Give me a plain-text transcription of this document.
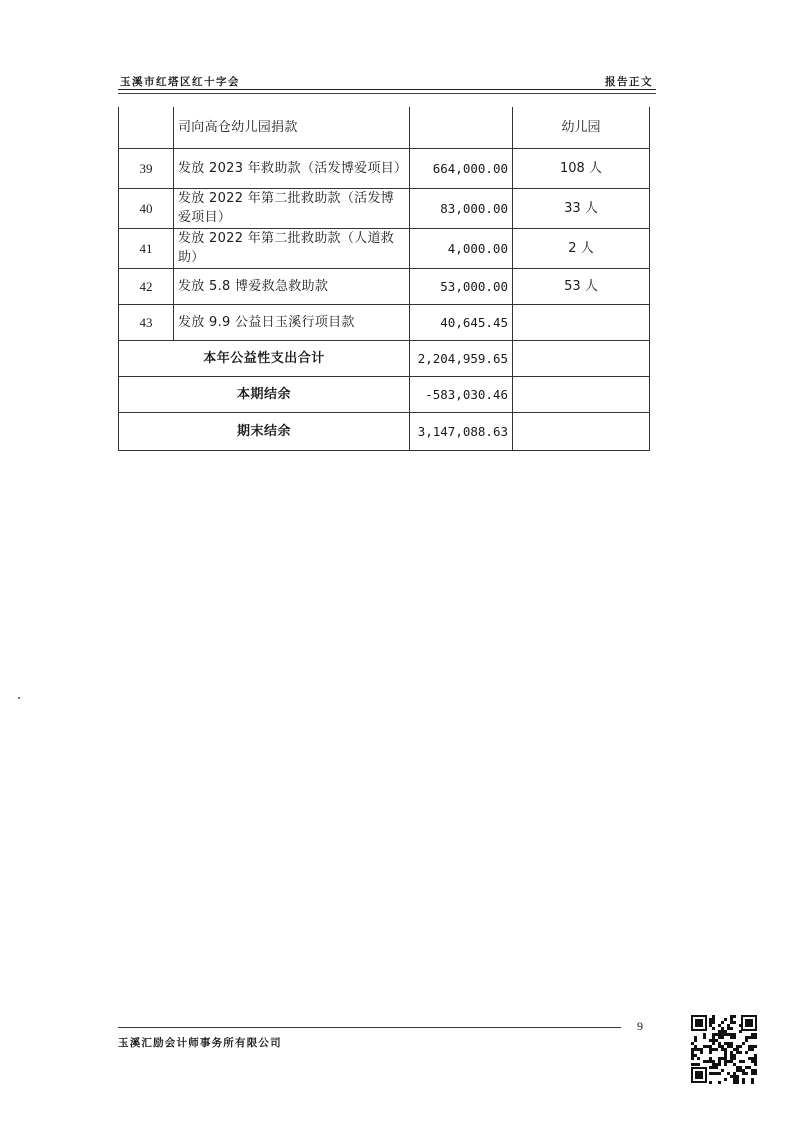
玉溪市红塔区红十字会	报告正文
	司向高仓幼儿园捐款		幼儿园
39	发放 2023 年救助款（活发博爱项目）	664,000.00	108 人
40	发放 2022 年第二批救助款（活发博爱项目）	83,000.00	33 人
41	发放 2022 年第二批救助款（人道救助）	4,000.00	2 人
42	发放 5.8 博爱救急救助款	53,000.00	53 人
43	发放 9.9 公益日玉溪行项目款	40,645.45	
本年公益性支出合计		2,204,959.65	
本期结余		-583,030.46	
期末结余		3,147,088.63	
9
玉溪汇励会计师事务所有限公司
